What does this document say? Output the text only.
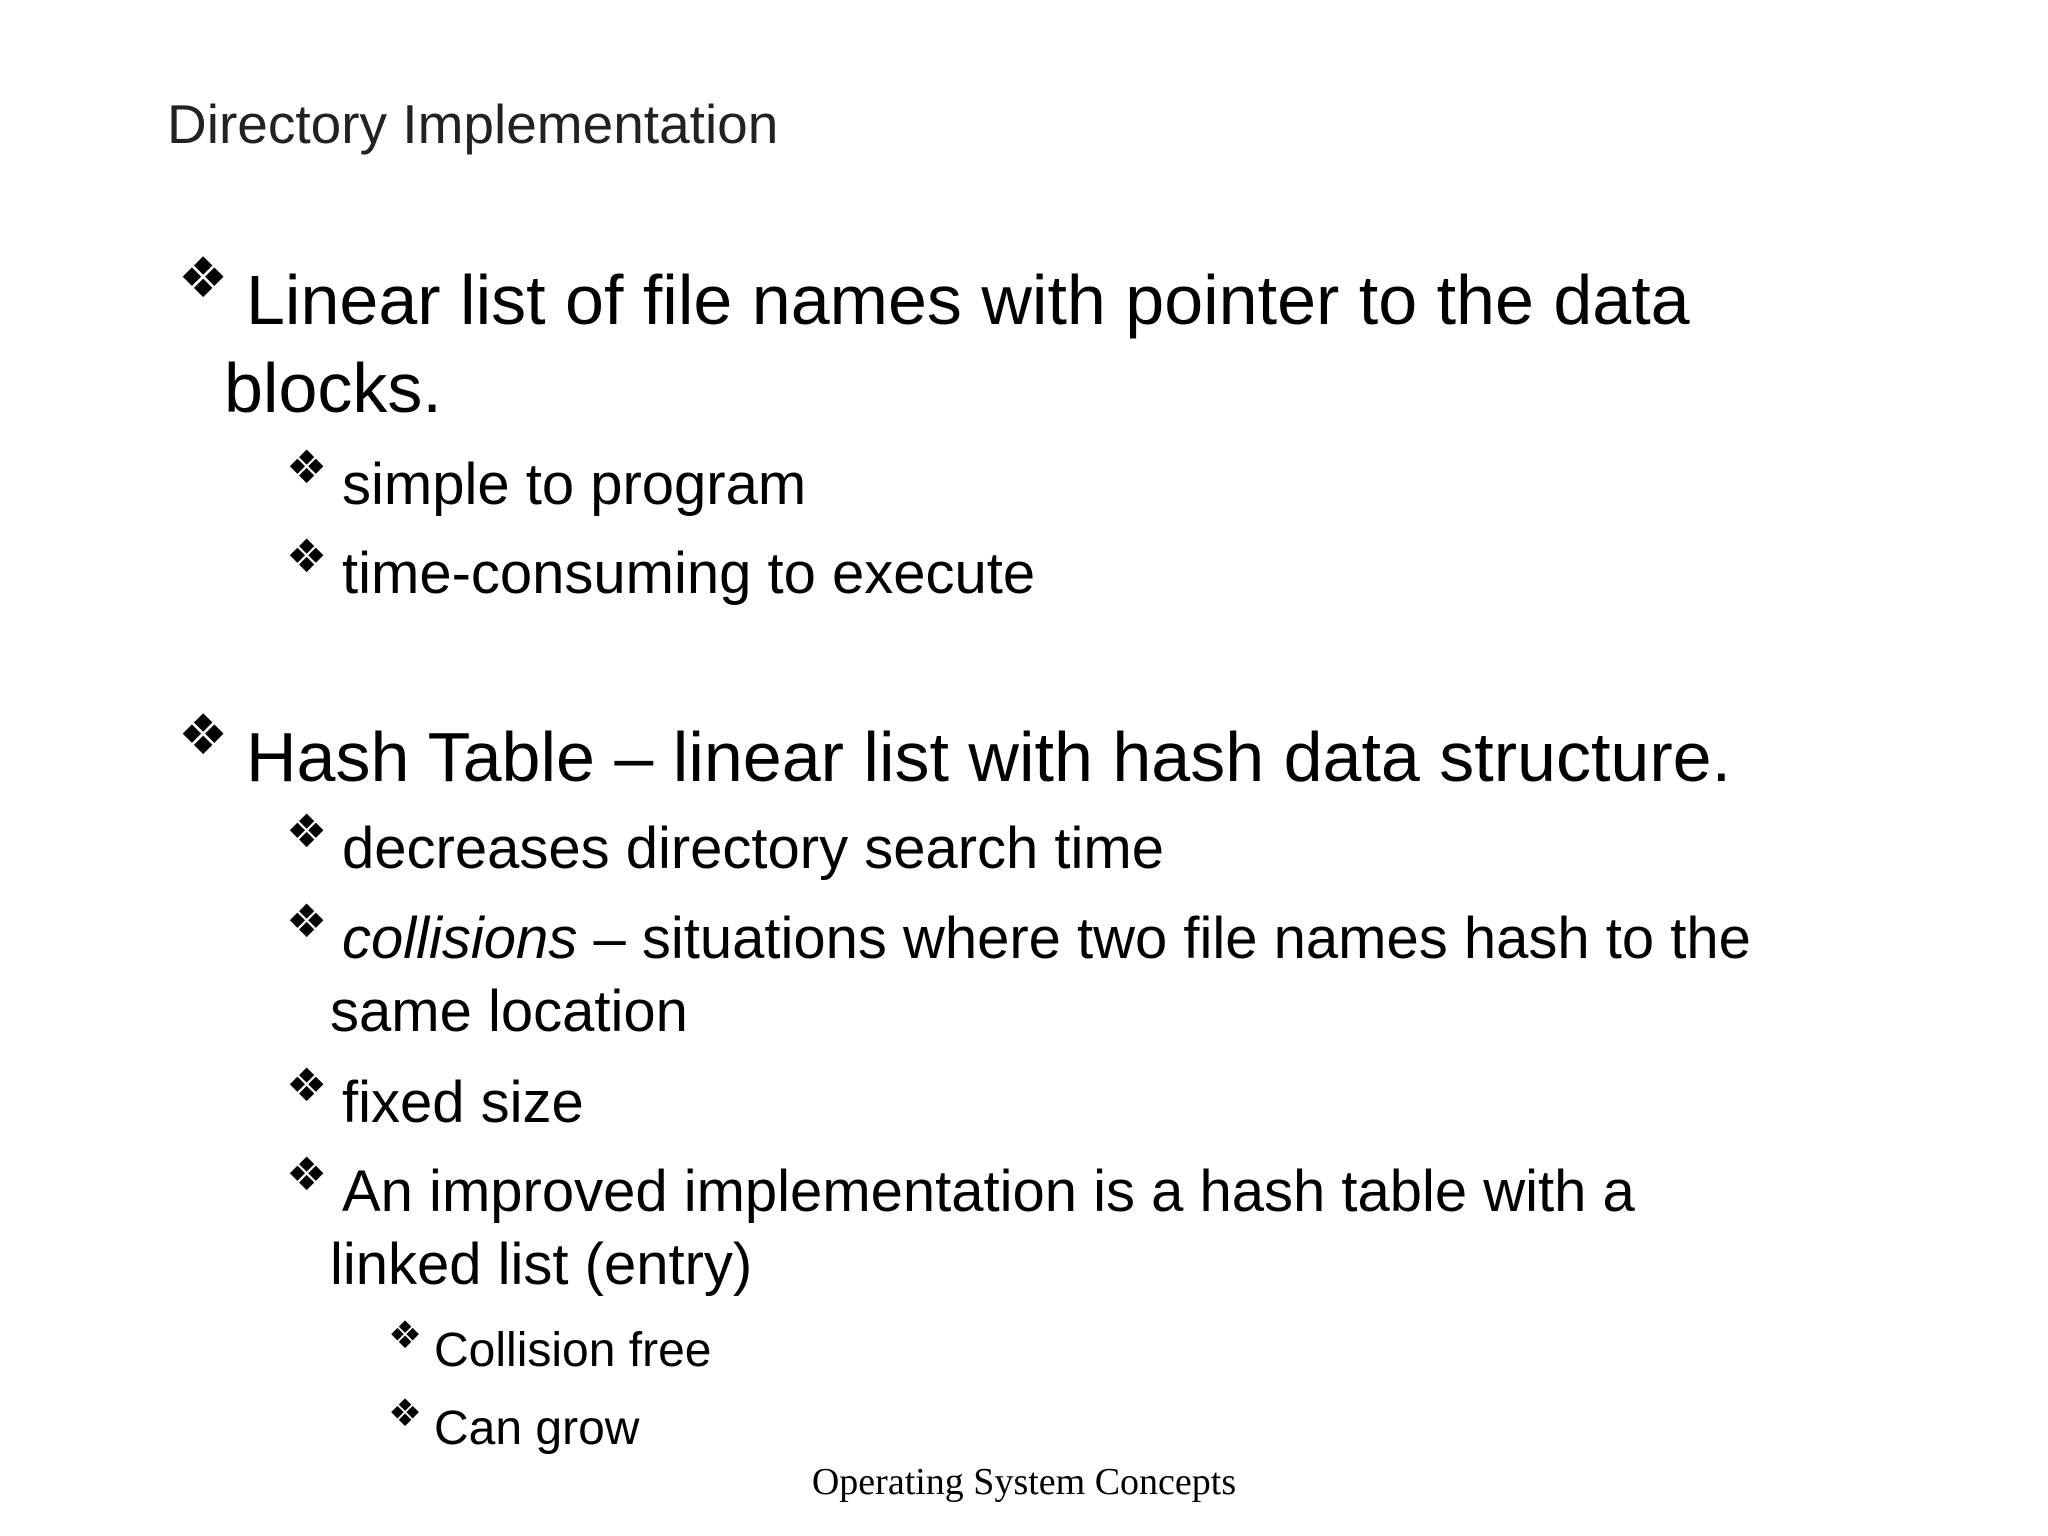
Directory Implementation
❖ Linear list of file names with pointer to the data
blocks.
❖ simple to program
❖ time-consuming to execute
❖ Hash Table – linear list with hash data structure.
❖ decreases directory search time
❖ collisions – situations where two file names hash to the
same location
❖ fixed size
❖ An improved implementation is a hash table with a
linked list (entry)
❖ Collision free
❖ Can grow
Operating System Concepts
